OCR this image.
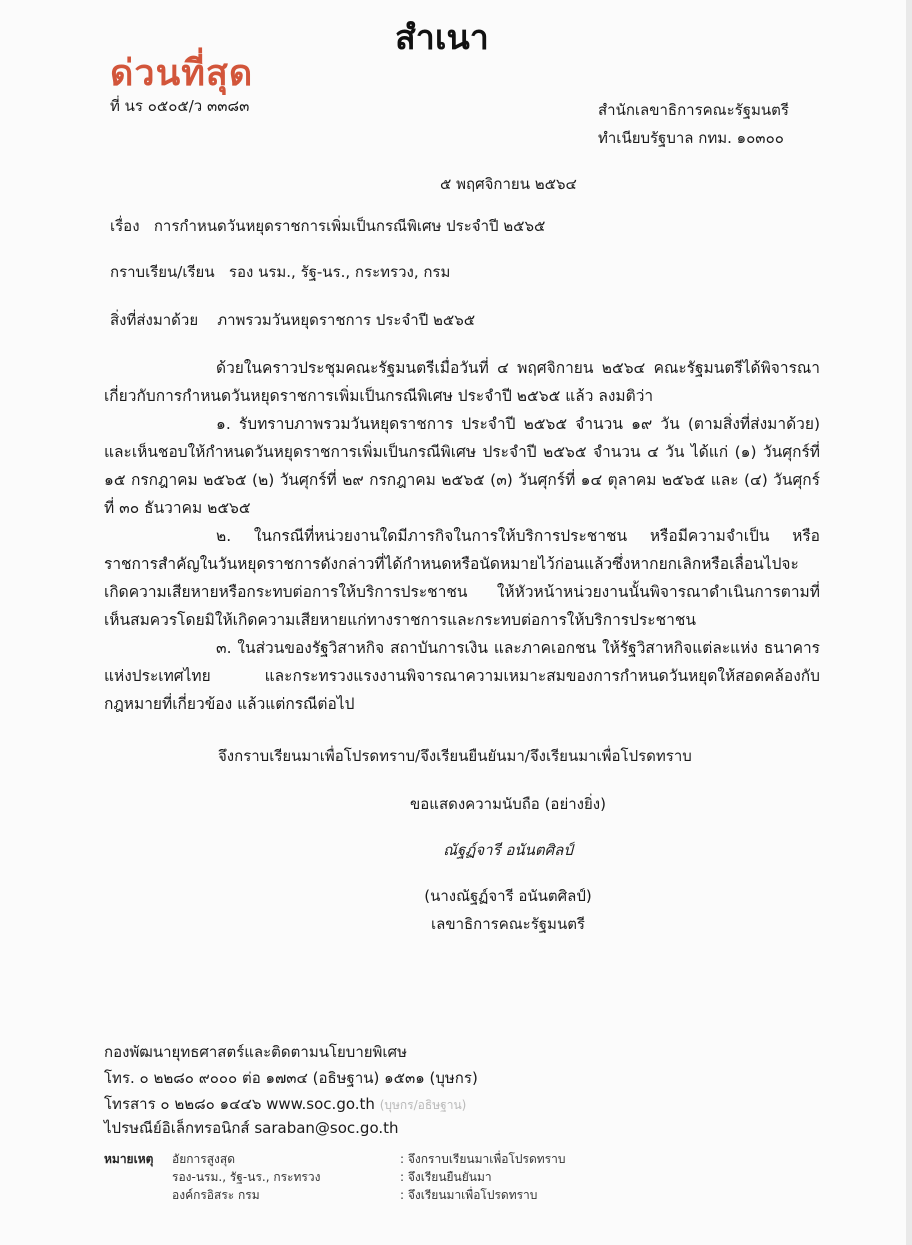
สำเนา
ด่วนที่สุด
ที่ นร ๐๕๐๕/ว ๓๓๘๓	สำนักเลขาธิการคณะรัฐมนตรี
ทำเนียบรัฐบาล กทม. ๑๐๓๐๐
๕ พฤศจิกายน ๒๕๖๔
เรื่อง การกำหนดวันหยุดราชการเพิ่มเป็นกรณีพิเศษ ประจำปี ๒๕๖๕
กราบเรียน/เรียน รอง นรม., รัฐ-นร., กระทรวง, กรม
สิ่งที่ส่งมาด้วย ภาพรวมวันหยุดราชการ ประจำปี ๒๕๖๕

ด้วยในคราวประชุมคณะรัฐมนตรีเมื่อวันที่ ๔ พฤศจิกายน ๒๕๖๔ คณะรัฐมนตรีได้พิจารณาเกี่ยวกับการกำหนดวันหยุดราชการเพิ่มเป็นกรณีพิเศษ ประจำปี ๒๕๖๕ แล้ว ลงมติว่า

๑. รับทราบภาพรวมวันหยุดราชการ ประจำปี ๒๕๖๕ จำนวน ๑๙ วัน (ตามสิ่งที่ส่งมาด้วย) และเห็นชอบให้กำหนดวันหยุดราชการเพิ่มเป็นกรณีพิเศษ ประจำปี ๒๕๖๕ จำนวน ๔ วัน ได้แก่ (๑) วันศุกร์ที่ ๑๕ กรกฎาคม ๒๕๖๕ (๒) วันศุกร์ที่ ๒๙ กรกฎาคม ๒๕๖๕ (๓) วันศุกร์ที่ ๑๔ ตุลาคม ๒๕๖๕ และ (๔) วันศุกร์ที่ ๓๐ ธันวาคม ๒๕๖๕

๒. ในกรณีที่หน่วยงานใดมีภารกิจในการให้บริการประชาชน หรือมีความจำเป็น หรือราชการสำคัญในวันหยุดราชการดังกล่าวที่ได้กำหนดหรือนัดหมายไว้ก่อนแล้วซึ่งหากยกเลิกหรือเลื่อนไปจะเกิดความเสียหายหรือกระทบต่อการให้บริการประชาชน ให้หัวหน้าหน่วยงานนั้นพิจารณาดำเนินการตามที่เห็นสมควรโดยมิให้เกิดความเสียหายแก่ทางราชการและกระทบต่อการให้บริการประชาชน

๓. ในส่วนของรัฐวิสาหกิจ สถาบันการเงิน และภาคเอกชน ให้รัฐวิสาหกิจแต่ละแห่ง ธนาคารแห่งประเทศไทย และกระทรวงแรงงานพิจารณาความเหมาะสมของการกำหนดวันหยุดให้สอดคล้องกับกฎหมายที่เกี่ยวข้อง แล้วแต่กรณีต่อไป

จึงกราบเรียนมาเพื่อโปรดทราบ/จึงเรียนยืนยันมา/จึงเรียนมาเพื่อโปรดทราบ
ขอแสดงความนับถือ (อย่างยิ่ง)
ณัฐฏ์จารี อนันตศิลป์
(นางณัฐฏ์จารี อนันตศิลป์)
เลขาธิการคณะรัฐมนตรี
กองพัฒนายุทธศาสตร์และติดตามนโยบายพิเศษ
โทร. ๐ ๒๒๘๐ ๙๐๐๐ ต่อ ๑๗๓๔ (อธิษฐาน) ๑๕๓๑ (บุษกร)
โทรสาร ๐ ๒๒๘๐ ๑๔๔๖ www.soc.go.th (บุษกร/อธิษฐาน)
ไปรษณีย์อิเล็กทรอนิกส์ saraban@soc.go.th
หมายเหตุ อัยการสูงสุด	: จึงกราบเรียนมาเพื่อโปรดทราบ
รอง-นรม., รัฐ-นร., กระทรวง	: จึงเรียนยืนยันมา
องค์กรอิสระ กรม	: จึงเรียนมาเพื่อโปรดทราบ
